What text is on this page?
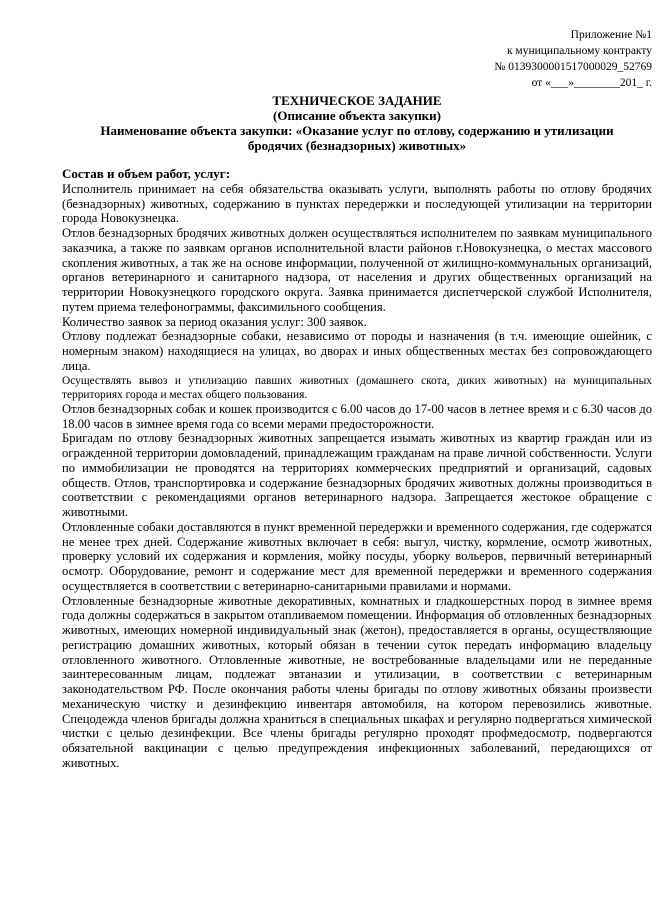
Приложение №1
к муниципальному контракту
№ 0139300001517000029_52769
от «___»________201_ г.
ТЕХНИЧЕСКОЕ ЗАДАНИЕ
(Описание объекта закупки)
Наименование объекта закупки: «Оказание услуг по отлову, содержанию и утилизации
бродячих (безнадзорных) животных»
Состав и объем работ, услуг:

Исполнитель принимает на себя обязательства оказывать услуги, выполнять работы по отлову бродячих (безнадзорных) животных, содержанию в пунктах передержки и последующей утилизации на территории города Новокузнецка.

Отлов безнадзорных бродячих животных должен осуществляться исполнителем по заявкам муниципального заказчика, а также по заявкам органов исполнительной власти районов г.Новокузнецка, о местах массового скопления животных, а так же на основе информации, полученной от жилищно-коммунальных организаций, органов ветеринарного и санитарного надзора, от населения и других общественных организаций на территории Новокузнецкого городского округа. Заявка принимается диспетчерской службой Исполнителя, путем приема телефонограммы, факсимильного сообщения.

Количество заявок за период оказания услуг: 300 заявок.

Отлову подлежат безнадзорные собаки, независимо от породы и назначения (в т.ч. имеющие ошейник, с номерным знаком) находящиеся на улицах, во дворах и иных общественных местах без сопровождающего лица.

Осуществлять вывоз и утилизацию павших животных (домашнего скота, диких животных) на муниципальных территориях города и местах общего пользования.

Отлов безнадзорных собак и кошек производится с 6.00 часов до 17-00 часов в летнее время и с 6.30 часов до 18.00 часов в зимнее время года со всеми мерами предосторожности.

Бригадам по отлову безнадзорных животных запрещается изымать животных из квартир граждан или из огражденной территории домовладений, принадлежащим гражданам на праве личной собственности. Услуги по иммобилизации не проводятся на территориях коммерческих предприятий и организаций, садовых обществ. Отлов, транспортировка и содержание безнадзорных бродячих животных должны производиться в соответствии с рекомендациями органов ветеринарного надзора. Запрещается жестокое обращение с животными.

Отловленные собаки доставляются в пункт временной передержки и временного содержания, где содержатся не менее трех дней. Содержание животных включает в себя: выгул, чистку, кормление, осмотр животных, проверку условий их содержания и кормления, мойку посуды, уборку вольеров, первичный ветеринарный осмотр. Оборудование, ремонт и содержание мест для временной передержки и временного содержания осуществляется в соответствии с ветеринарно-санитарными правилами и нормами.

Отловленные безнадзорные животные декоративных, комнатных и гладкошерстных пород в зимнее время года должны содержаться в закрытом отапливаемом помещении. Информация об отловленных безнадзорных животных, имеющих номерной индивидуальный знак (жетон), предоставляется в органы, осуществляющие регистрацию домашних животных, который обязан в течении суток передать информацию владельцу отловленного животного. Отловленные животные, не востребованные владельцами или не переданные заинтересованным лицам, подлежат эвтаназии и утилизации, в соответствии с ветеринарным законодательством РФ. После окончания работы члены бригады по отлову животных обязаны произвести механическую чистку и дезинфекцию инвентаря автомобиля, на котором перевозились животные. Спецодежда членов бригады должна храниться в специальных шкафах и регулярно подвергаться химической чистки с целью дезинфекции. Все члены бригады регулярно проходят профмедосмотр, подвергаются обязательной вакцинации с целью предупреждения инфекционных заболеваний, передающихся от животных.
